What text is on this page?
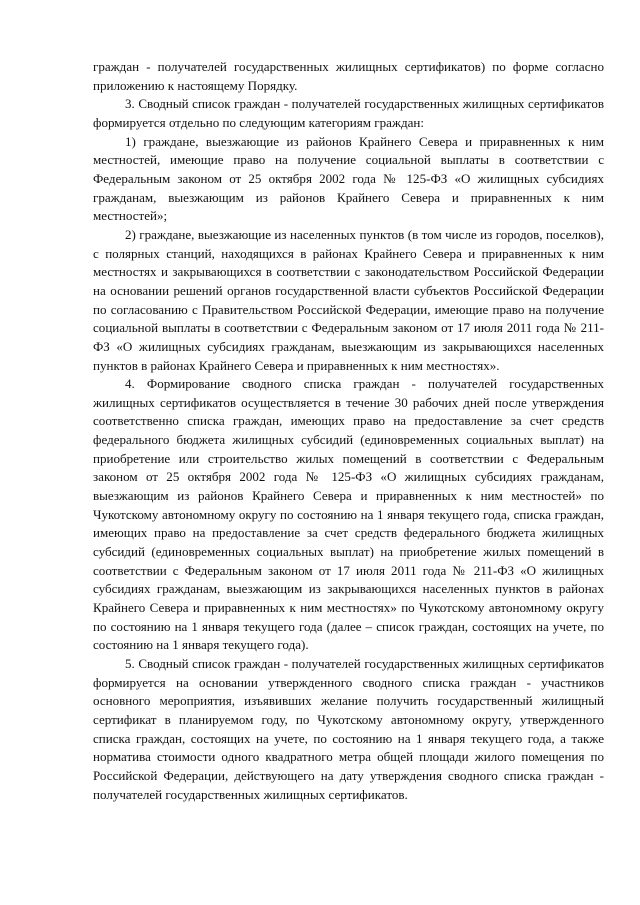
граждан - получателей государственных жилищных сертификатов) по форме согласно приложению к настоящему Порядку.

3. Сводный список граждан - получателей государственных жилищных сертификатов формируется отдельно по следующим категориям граждан:

1) граждане, выезжающие из районов Крайнего Севера и приравненных к ним местностей, имеющие право на получение социальной выплаты в соответствии с Федеральным законом от 25 октября 2002 года № 125-ФЗ «О жилищных субсидиях гражданам, выезжающим из районов Крайнего Севера и приравненных к ним местностей»;

2) граждане, выезжающие из населенных пунктов (в том числе из городов, поселков), с полярных станций, находящихся в районах Крайнего Севера и приравненных к ним местностях и закрывающихся в соответствии с законодательством Российской Федерации на основании решений органов государственной власти субъектов Российской Федерации по согласованию с Правительством Российской Федерации, имеющие право на получение социальной выплаты в соответствии с Федеральным законом от 17 июля 2011 года № 211-ФЗ «О жилищных субсидиях гражданам, выезжающим из закрывающихся населенных пунктов в районах Крайнего Севера и приравненных к ним местностях».

4. Формирование сводного списка граждан - получателей государственных жилищных сертификатов осуществляется в течение 30 рабочих дней после утверждения соответственно списка граждан, имеющих право на предоставление за счет средств федерального бюджета жилищных субсидий (единовременных социальных выплат) на приобретение или строительство жилых помещений в соответствии с Федеральным законом от 25 октября 2002 года № 125-ФЗ «О жилищных субсидиях гражданам, выезжающим из районов Крайнего Севера и приравненных к ним местностей» по Чукотскому автономному округу по состоянию на 1 января текущего года, списка граждан, имеющих право на предоставление за счет средств федерального бюджета жилищных субсидий (единовременных социальных выплат) на приобретение жилых помещений в соответствии с Федеральным законом от 17 июля 2011 года № 211-ФЗ «О жилищных субсидиях гражданам, выезжающим из закрывающихся населенных пунктов в районах Крайнего Севера и приравненных к ним местностях» по Чукотскому автономному округу по состоянию на 1 января текущего года (далее – список граждан, состоящих на учете, по состоянию на 1 января текущего года).

5. Сводный список граждан - получателей государственных жилищных сертификатов формируется на основании утвержденного сводного списка граждан - участников основного мероприятия, изъявивших желание получить государственный жилищный сертификат в планируемом году, по Чукотскому автономному округу, утвержденного списка граждан, состоящих на учете, по состоянию на 1 января текущего года, а также норматива стоимости одного квадратного метра общей площади жилого помещения по Российской Федерации, действующего на дату утверждения сводного списка граждан - получателей государственных жилищных сертификатов.
